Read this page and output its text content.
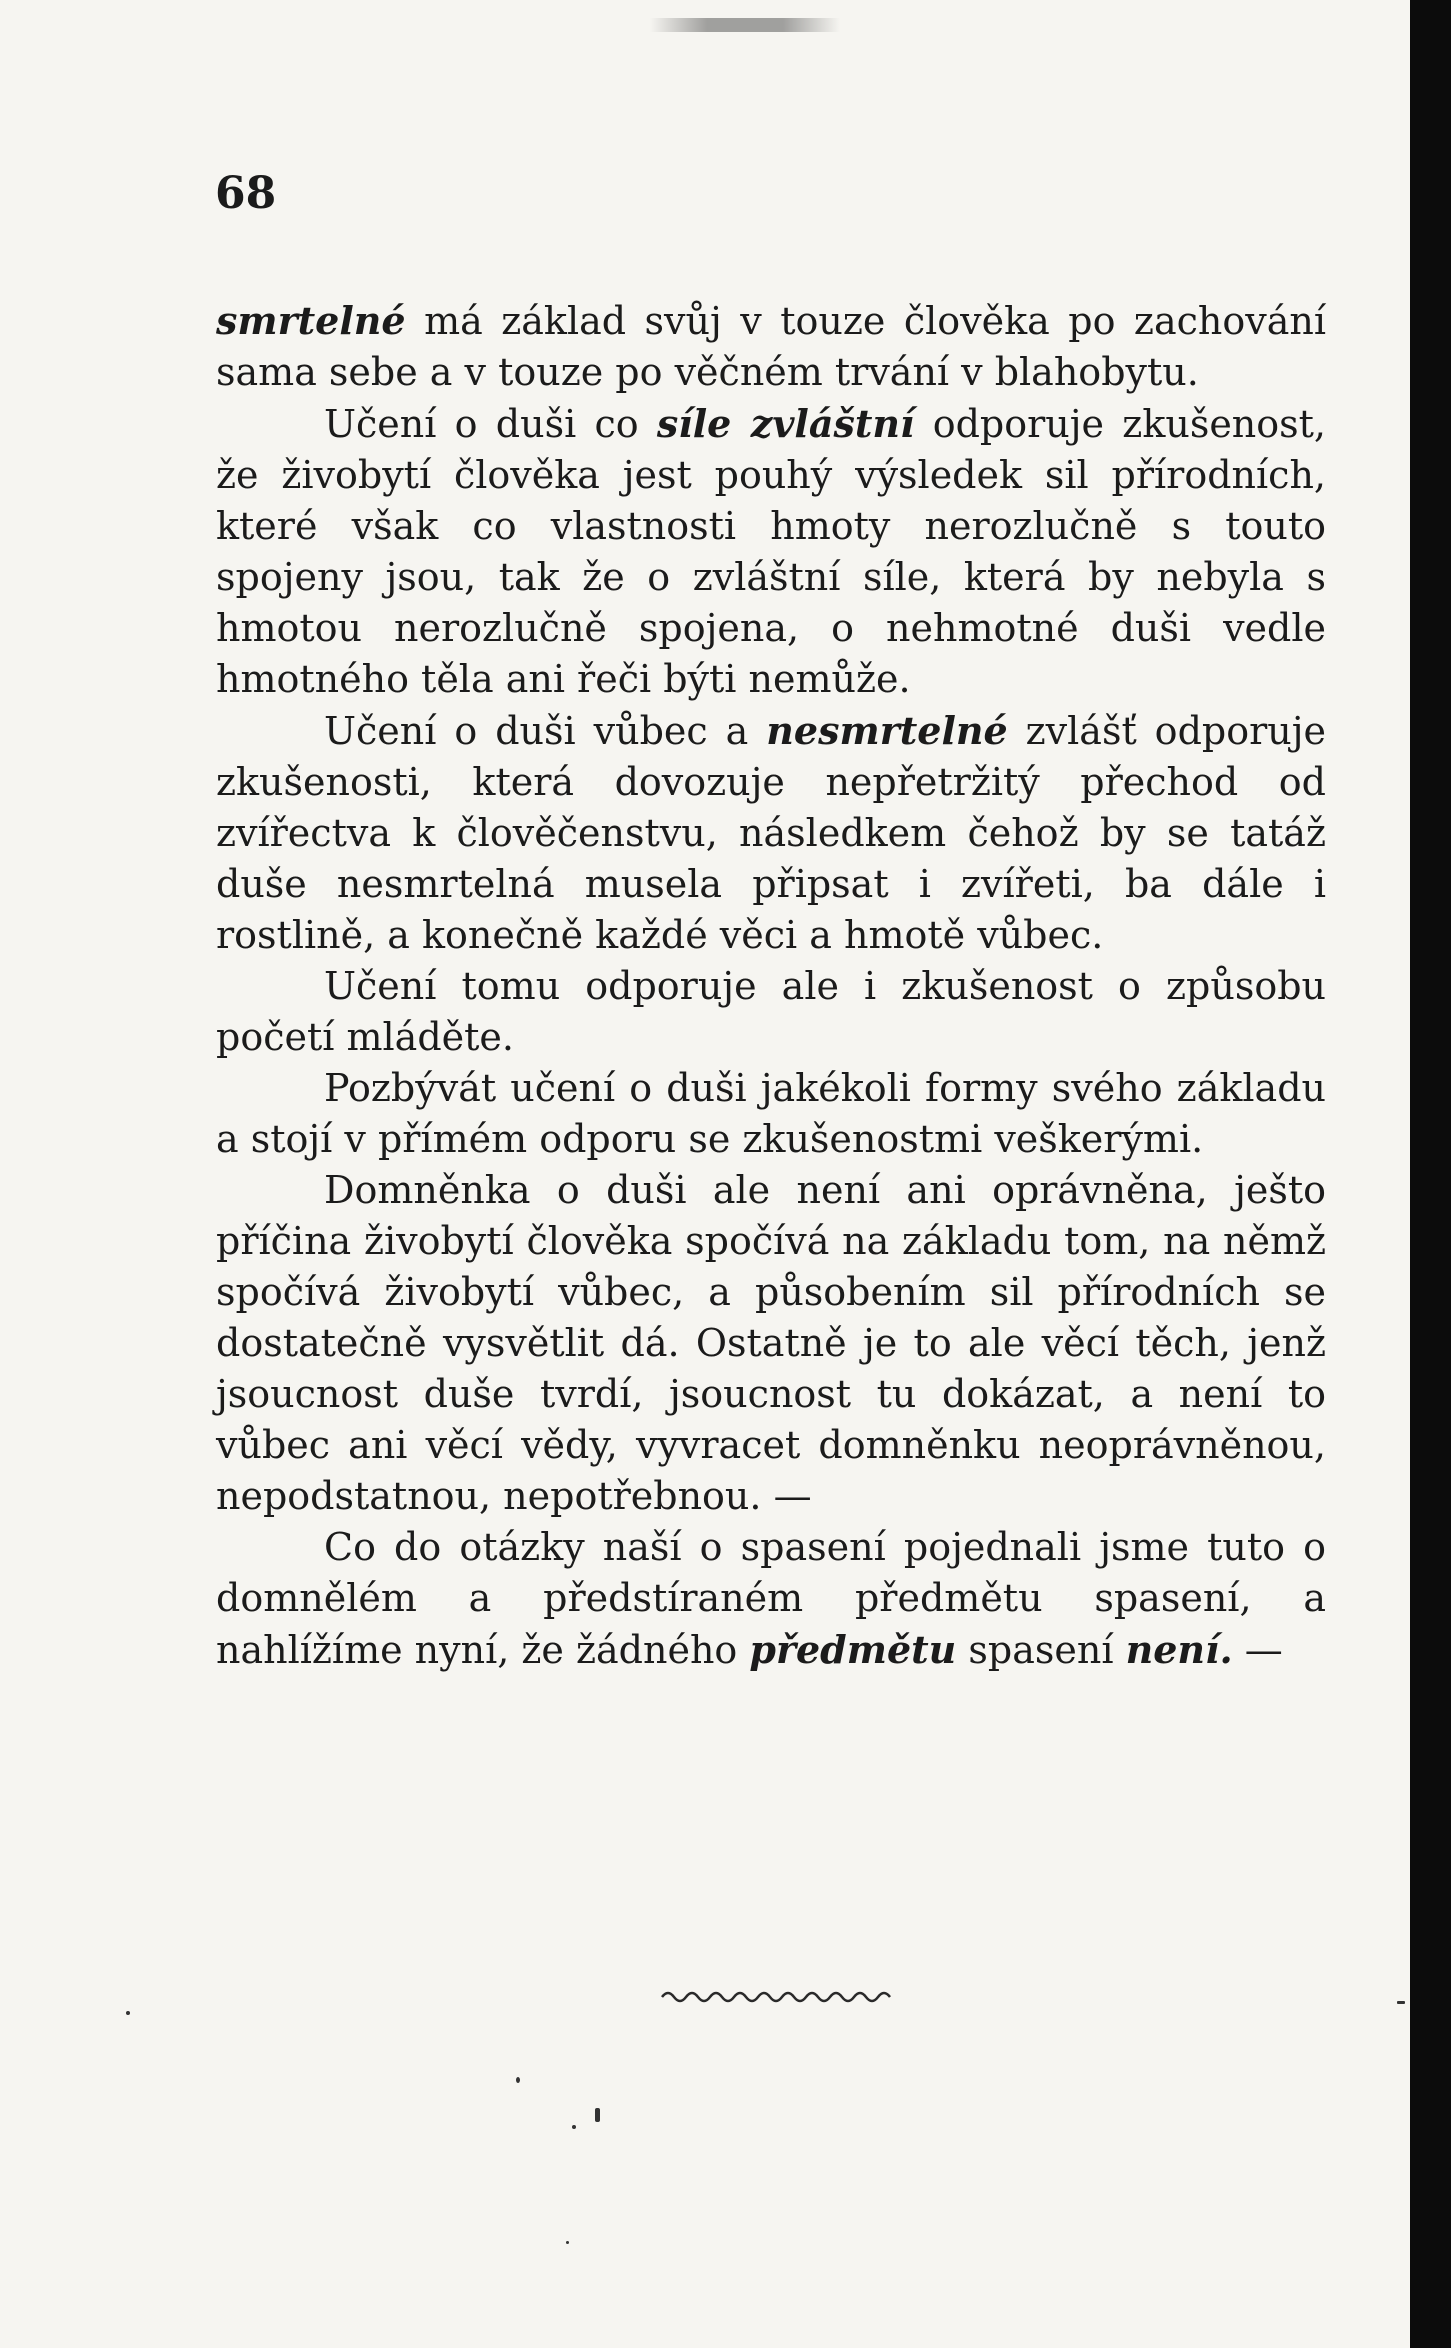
68

smrtelné má základ svůj v touze člověka po zachování sama sebe a v touze po věčném trvání v blahobytu.

Učení o duši co síle zvláštní odporuje zkušenost, že živobytí člověka jest pouhý výsledek sil přírodních, které však co vlastnosti hmoty nerozlučně s touto spojeny jsou, tak že o zvláštní síle, která by nebyla s hmotou nerozlučně spojena, o nehmotné duši vedle hmotného těla ani řeči býti nemůže.

Učení o duši vůbec a nesmrtelné zvlášť odporuje zkušenosti, která dovozuje nepřetržitý přechod od zvířectva k člověčenstvu, následkem čehož by se tatáž duše nesmrtelná musela připsat i zvířeti, ba dále i rostlině, a konečně každé věci a hmotě vůbec.

Učení tomu odporuje ale i zkušenost o způsobu početí mláděte.

Pozbývát učení o duši jakékoli formy svého základu a stojí v přímém odporu se zkušenostmi veškerými.

Domněnka o duši ale není ani oprávněna, ješto příčina živobytí člověka spočívá na základu tom, na němž spočívá živobytí vůbec, a působením sil přírodních se dostatečně vysvětlit dá. Ostatně je to ale věcí těch, jenž jsoucnost duše tvrdí, jsoucnost tu dokázat, a není to vůbec ani věcí vědy, vyvracet domněnku neoprávněnou, nepodstatnou, nepotřebnou. —

Co do otázky naší o spasení pojednali jsme tuto o domnělém a předstíraném předmětu spasení, a nahlížíme nyní, že žádného předmětu spasení není. —
